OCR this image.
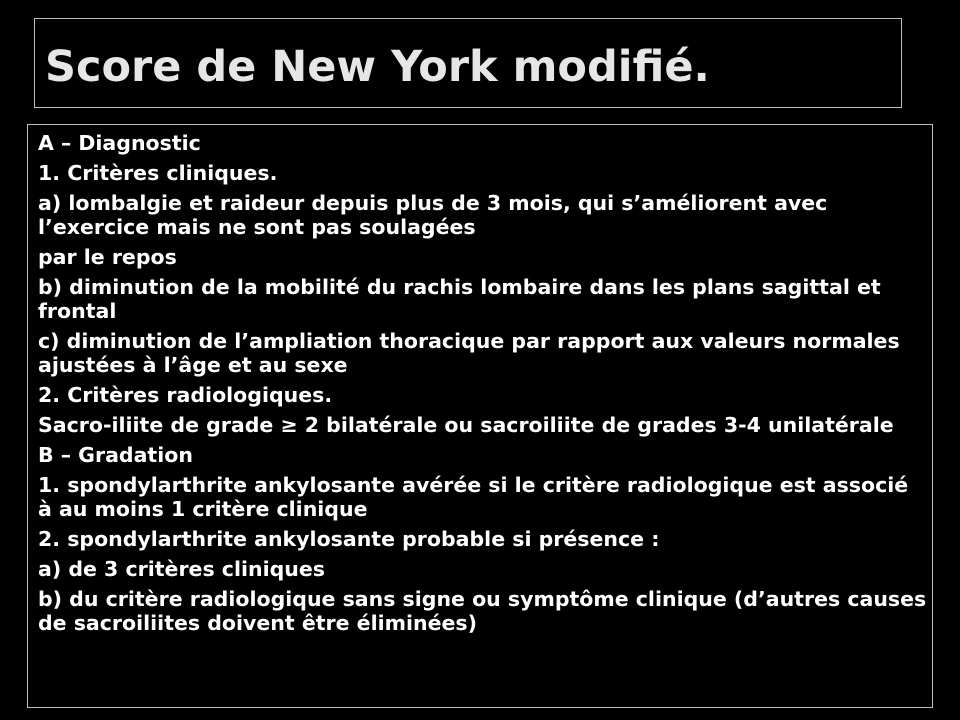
Score de New York modifié.
A – Diagnostic
1. Critères cliniques.
a) lombalgie et raideur depuis plus de 3 mois, qui s’améliorent avec l’exercice mais ne sont pas soulagées
par le repos
b) diminution de la mobilité du rachis lombaire dans les plans sagittal et frontal
c) diminution de l’ampliation thoracique par rapport aux valeurs normales ajustées à l’âge et au sexe
2. Critères radiologiques.
Sacro-iliite de grade ≥ 2 bilatérale ou sacroiliite de grades 3-4 unilatérale
B – Gradation
1. spondylarthrite ankylosante avérée si le critère radiologique est associé à au moins 1 critère clinique
2. spondylarthrite ankylosante probable si présence :
a) de 3 critères cliniques
b) du critère radiologique sans signe ou symptôme clinique (d’autres causes de sacroiliites doivent être éliminées)
